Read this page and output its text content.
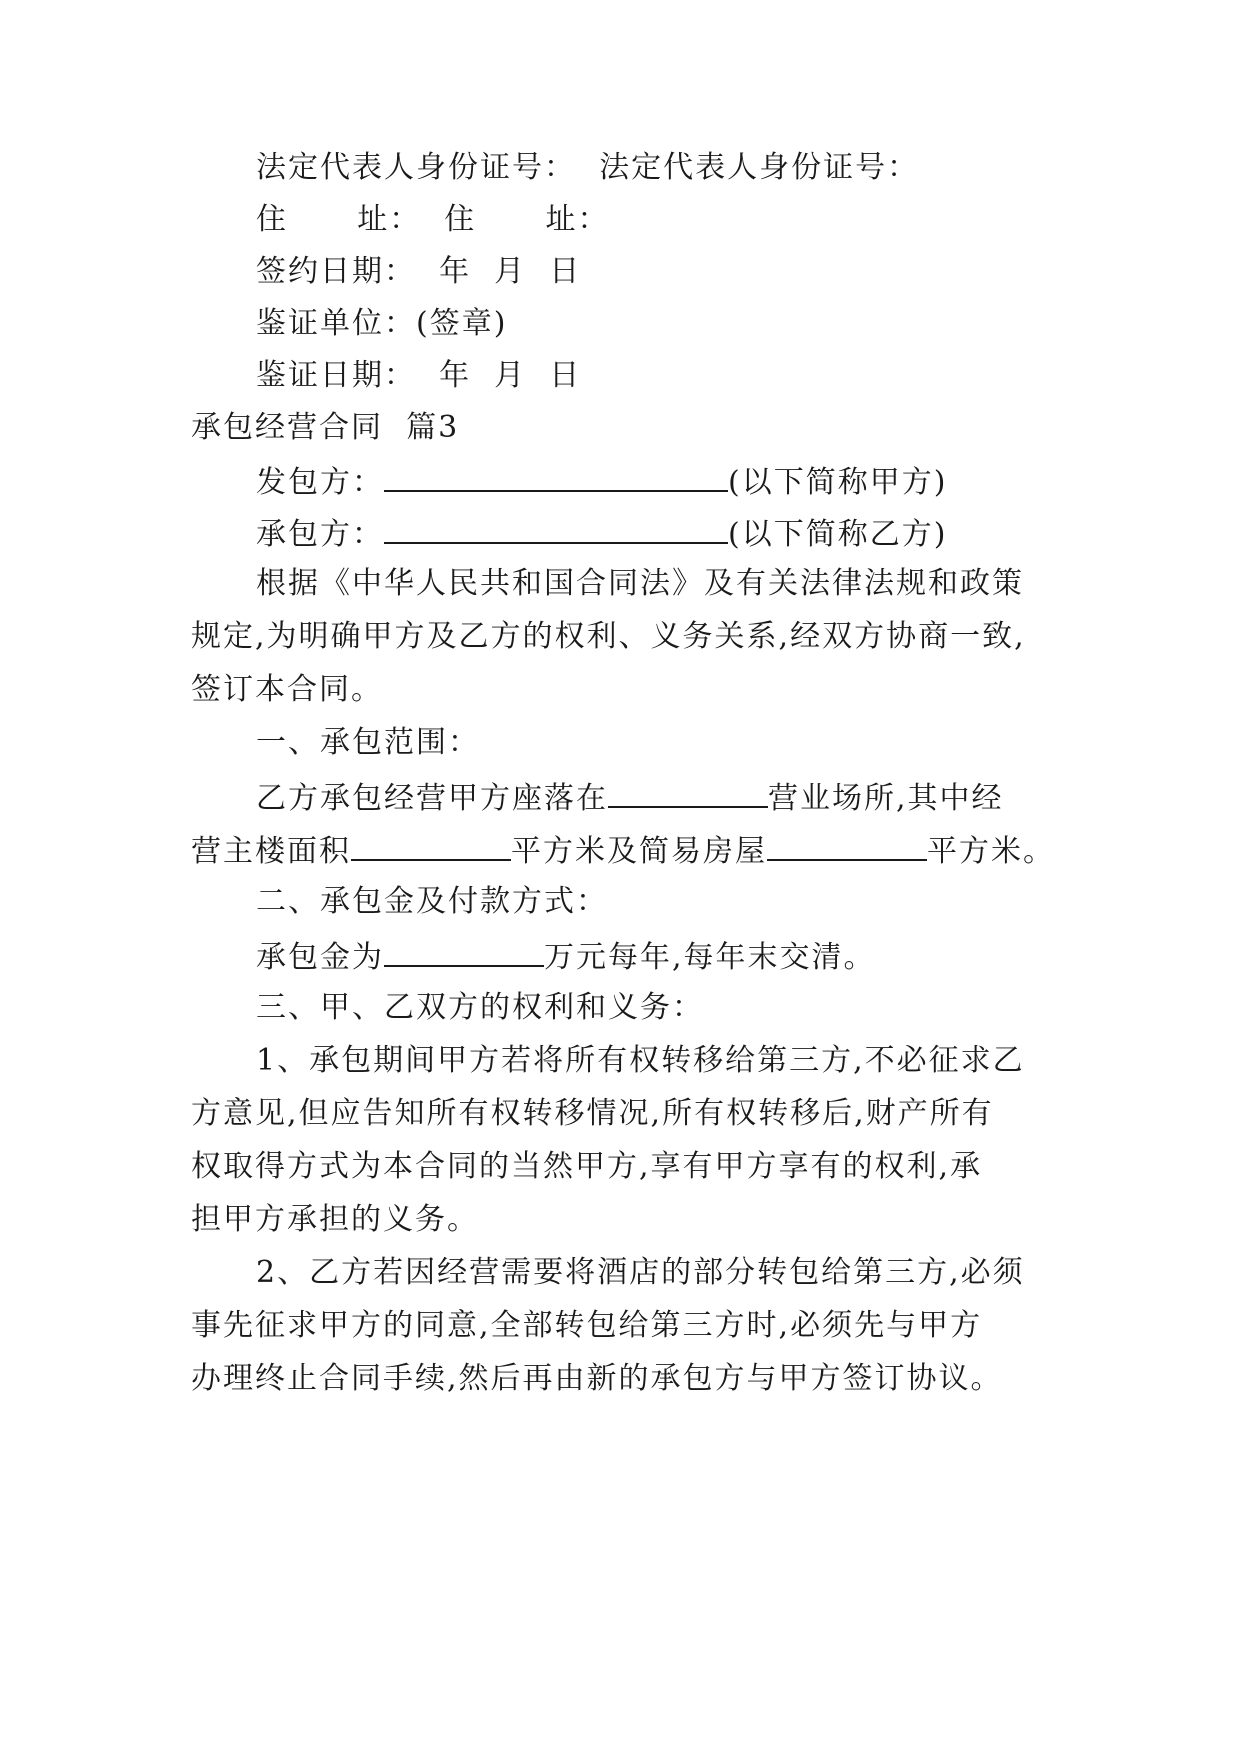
法定代表人身份证号：  法定代表人身份证号：
住      址：  住      址：
签约日期：  年  月  日
鉴证单位：(签章)
鉴证日期：  年  月  日
承包经营合同  篇3
发包方：	(以下简称甲方)
承包方：	(以下简称乙方)
根据《中华人民共和国合同法》及有关法律法规和政策
规定,为明确甲方及乙方的权利、义务关系,经双方协商一致,
签订本合同。
一、承包范围：
乙方承包经营甲方座落在	营业场所,其中经
营主楼面积	平方米及简易房屋	平方米。
二、承包金及付款方式：
承包金为	万元每年,每年末交清。
三、甲、乙双方的权利和义务：
1、承包期间甲方若将所有权转移给第三方,不必征求乙
方意见,但应告知所有权转移情况,所有权转移后,财产所有
权取得方式为本合同的当然甲方,享有甲方享有的权利,承
担甲方承担的义务。
2、乙方若因经营需要将酒店的部分转包给第三方,必须
事先征求甲方的同意,全部转包给第三方时,必须先与甲方
办理终止合同手续,然后再由新的承包方与甲方签订协议。
